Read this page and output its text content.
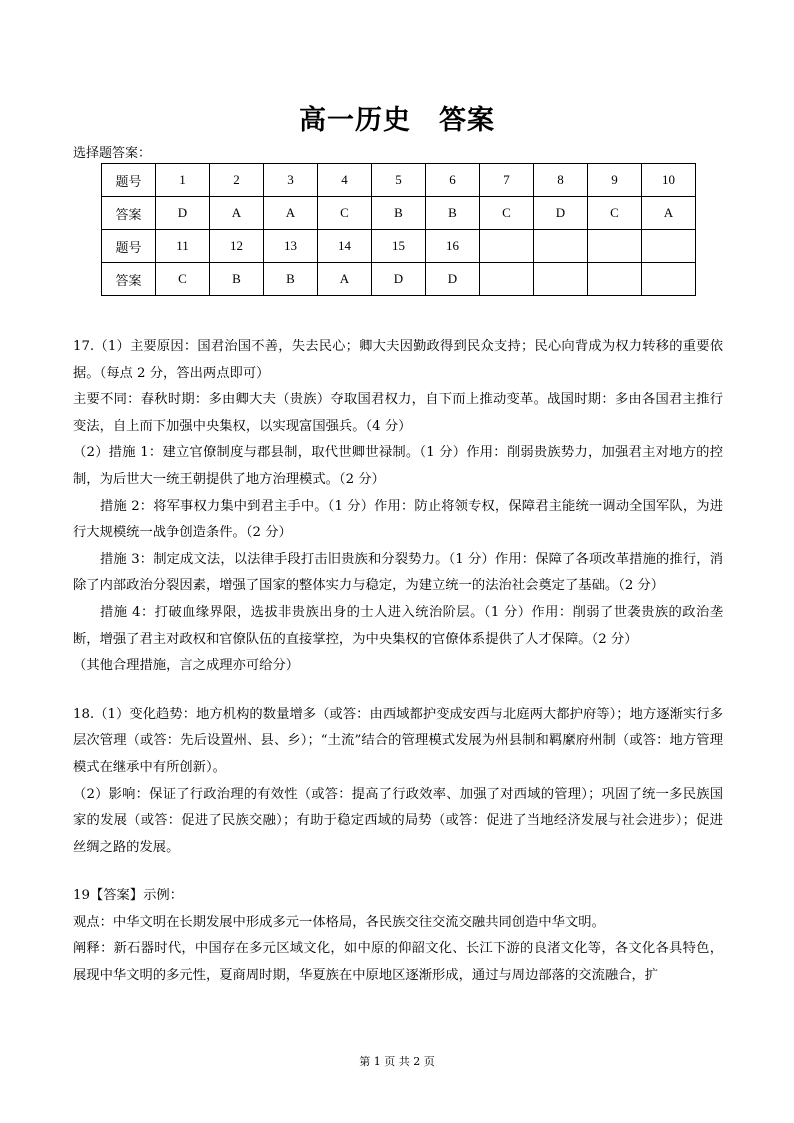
高一历史　答案
选择题答案：
题号	1	2	3	4	5	6	7	8	9	10
答案	D	A	A	C	B	B	C	D	C	A
题号	11	12	13	14	15	16				
答案	C	B	B	A	D	D				

17.（1）主要原因：国君治国不善，失去民心；卿大夫因勤政得到民众支持；民心向背成为权力转移的重要依据。（每点 2 分，答出两点即可）

主要不同：春秋时期：多由卿大夫（贵族）夺取国君权力，自下而上推动变革。战国时期：多由各国君主推行变法，自上而下加强中央集权，以实现富国强兵。（4 分）

（2）措施 1：建立官僚制度与郡县制，取代世卿世禄制。（1 分）作用：削弱贵族势力，加强君主对地方的控制，为后世大一统王朝提供了地方治理模式。（2 分）

措施 2：将军事权力集中到君主手中。（1 分）作用：防止将领专权，保障君主能统一调动全国军队，为进行大规模统一战争创造条件。（2 分）

措施 3：制定成文法，以法律手段打击旧贵族和分裂势力。（1 分）作用：保障了各项改革措施的推行，消除了内部政治分裂因素，增强了国家的整体实力与稳定，为建立统一的法治社会奠定了基础。（2 分）

措施 4：打破血缘界限，选拔非贵族出身的士人进入统治阶层。（1 分）作用：削弱了世袭贵族的政治垄断，增强了君主对政权和官僚队伍的直接掌控，为中央集权的官僚体系提供了人才保障。（2 分）

（其他合理措施，言之成理亦可给分）

18.（1）变化趋势：地方机构的数量增多（或答：由西域都护变成安西与北庭两大都护府等）；地方逐渐实行多层次管理（或答：先后设置州、县、乡）；“土流”结合的管理模式发展为州县制和羁縻府州制（或答：地方管理模式在继承中有所创新）。

（2）影响：保证了行政治理的有效性（或答：提高了行政效率、加强了对西域的管理）；巩固了统一多民族国家的发展（或答：促进了民族交融）；有助于稳定西域的局势（或答：促进了当地经济发展与社会进步）；促进丝绸之路的发展。

19【答案】示例：

观点：中华文明在长期发展中形成多元一体格局，各民族交往交流交融共同创造中华文明。

阐释：新石器时代，中国存在多元区域文化，如中原的仰韶文化、长江下游的良渚文化等，各文化各具特色，展现中华文明的多元性，夏商周时期，华夏族在中原地区逐渐形成，通过与周边部落的交流融合，扩

第 1 页 共 2 页
